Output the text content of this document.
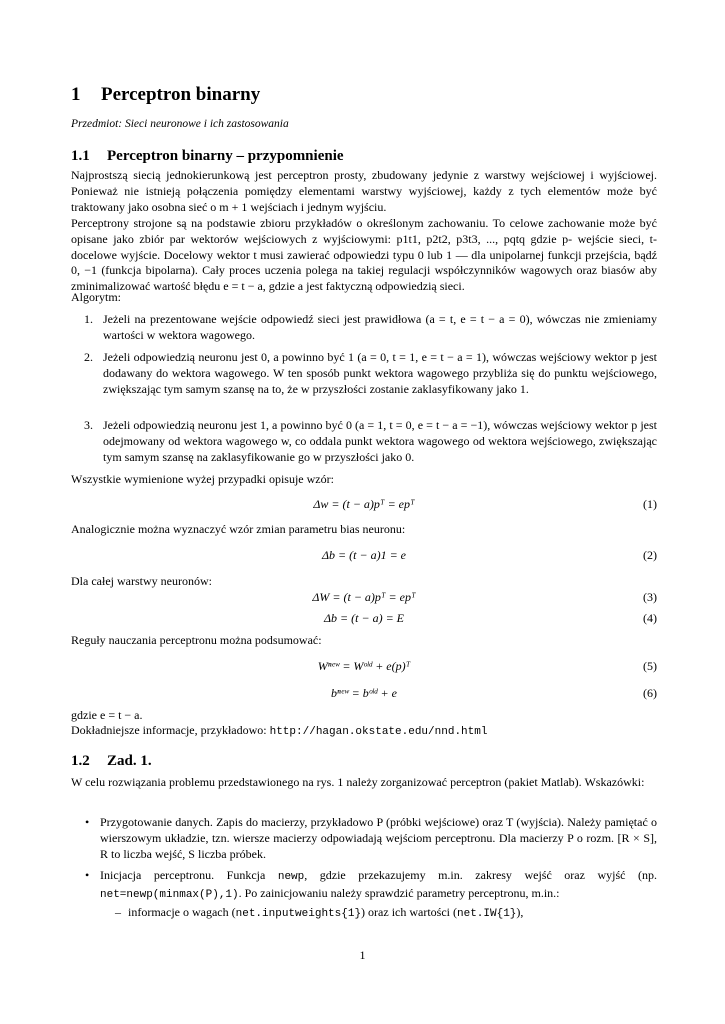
1 Perceptron binarny
Przedmiot: Sieci neuronowe i ich zastosowania
1.1 Perceptron binarny – przypomnienie
Najprostszą siecią jednokierunkową jest perceptron prosty, zbudowany jedynie z warstwy wejściowej i wyjściowej. Ponieważ nie istnieją połączenia pomiędzy elementami warstwy wyjściowej, każdy z tych elementów może być traktowany jako osobna sieć o m + 1 wejściach i jednym wyjściu.
Perceptrony strojone są na podstawie zbioru przykładów o określonym zachowaniu. To celowe zachowanie może być opisane jako zbiór par wektorów wejściowych z wyjściowymi: p1t1, p2t2, p3t3, ..., pqtq gdzie p- wejście sieci, t-docelowe wyjście. Docelowy wektor t musi zawierać odpowiedzi typu 0 lub 1 — dla unipolarnej funkcji przejścia, bądź 0, −1 (funkcja bipolarna). Cały proces uczenia polega na takiej regulacji współczynników wagowych oraz biasów aby zminimalizować wartość błędu e = t − a, gdzie a jest faktyczną odpowiedzią sieci.
Algorytm:
1. Jeżeli na prezentowane wejście odpowiedź sieci jest prawidłowa (a = t, e = t − a = 0), wówczas nie zmieniamy wartości w wektora wagowego.
2. Jeżeli odpowiedzią neuronu jest 0, a powinno być 1 (a = 0, t = 1, e = t − a = 1), wówczas wejściowy wektor p jest dodawany do wektora wagowego. W ten sposób punkt wektora wagowego przybliża się do punktu wejściowego, zwiększając tym samym szansę na to, że w przyszłości zostanie zaklasyfikowany jako 1.
3. Jeżeli odpowiedzią neuronu jest 1, a powinno być 0 (a = 1, t = 0, e = t − a = −1), wówczas wejściowy wektor p jest odejmowany od wektora wagowego w, co oddala punkt wektora wagowego od wektora wejściowego, zwiększając tym samym szansę na zaklasyfikowanie go w przyszłości jako 0.
Wszystkie wymienione wyżej przypadki opisuje wzór:
Δw = (t − a)pᵀ = epᵀ	(1)
Analogicznie można wyznaczyć wzór zmian parametru bias neuronu:
Δb = (t − a)1 = e	(2)
Dla całej warstwy neuronów:
ΔW = (t − a)pᵀ = epᵀ	(3)
Δb = (t − a) = E	(4)
Reguły nauczania perceptronu można podsumować:
Wⁿᵉʷ = Wᵒˡᵈ + e(p)ᵀ	(5)
bⁿᵉʷ = bᵒˡᵈ + e	(6)
gdzie e = t − a.
Dokładniejsze informacje, przykładowo: http://hagan.okstate.edu/nnd.html
1.2 Zad. 1.
W celu rozwiązania problemu przedstawionego na rys. 1 należy zorganizować perceptron (pakiet Matlab). Wskazówki:
• Przygotowanie danych. Zapis do macierzy, przykładowo P (próbki wejściowe) oraz T (wyjścia). Należy pamiętać o wierszowym układzie, tzn. wiersze macierzy odpowiadają wejściom perceptronu. Dla macierzy P o rozm. [R × S], R to liczba wejść, S liczba próbek.
• Inicjacja perceptronu. Funkcja newp, gdzie przekazujemy m.in. zakresy wejść oraz wyjść (np. net=newp(minmax(P),1). Po zainicjowaniu należy sprawdzić parametry perceptronu, m.in.:
– informacje o wagach (net.inputweights{1}) oraz ich wartości (net.IW{1}),
1
